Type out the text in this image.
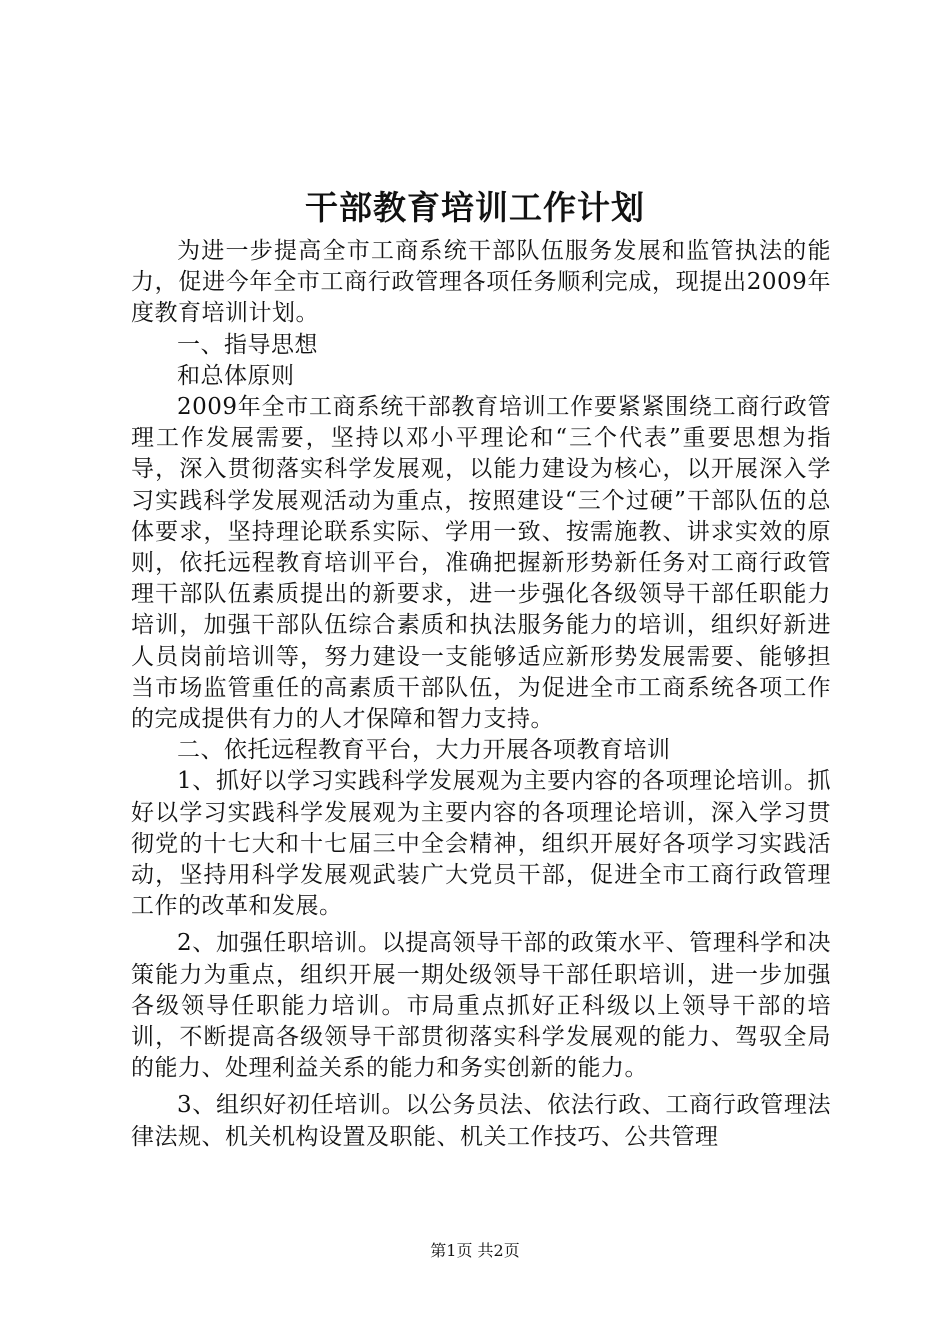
干部教育培训工作计划

为进一步提高全市工商系统干部队伍服务发展和监管执法的能力，促进今年全市工商行政管理各项任务顺利完成，现提出2009年度教育培训计划。

一、指导思想

和总体原则

2009年全市工商系统干部教育培训工作要紧紧围绕工商行政管理工作发展需要，坚持以邓小平理论和“三个代表”重要思想为指导，深入贯彻落实科学发展观，以能力建设为核心，以开展深入学习实践科学发展观活动为重点，按照建设“三个过硬”干部队伍的总体要求，坚持理论联系实际、学用一致、按需施教、讲求实效的原则，依托远程教育培训平台，准确把握新形势新任务对工商行政管理干部队伍素质提出的新要求，进一步强化各级领导干部任职能力培训，加强干部队伍综合素质和执法服务能力的培训，组织好新进人员岗前培训等，努力建设一支能够适应新形势发展需要、能够担当市场监管重任的高素质干部队伍，为促进全市工商系统各项工作的完成提供有力的人才保障和智力支持。

二、依托远程教育平台，大力开展各项教育培训

1、抓好以学习实践科学发展观为主要内容的各项理论培训。抓好以学习实践科学发展观为主要内容的各项理论培训，深入学习贯彻党的十七大和十七届三中全会精神，组织开展好各项学习实践活动，坚持用科学发展观武装广大党员干部，促进全市工商行政管理工作的改革和发展。

2、加强任职培训。以提高领导干部的政策水平、管理科学和决策能力为重点，组织开展一期处级领导干部任职培训，进一步加强各级领导任职能力培训。市局重点抓好正科级以上领导干部的培训，不断提高各级领导干部贯彻落实科学发展观的能力、驾驭全局的能力、处理利益关系的能力和务实创新的能力。

3、组织好初任培训。以公务员法、依法行政、工商行政管理法律法规、机关机构设置及职能、机关工作技巧、公共管理

第1页 共2页
